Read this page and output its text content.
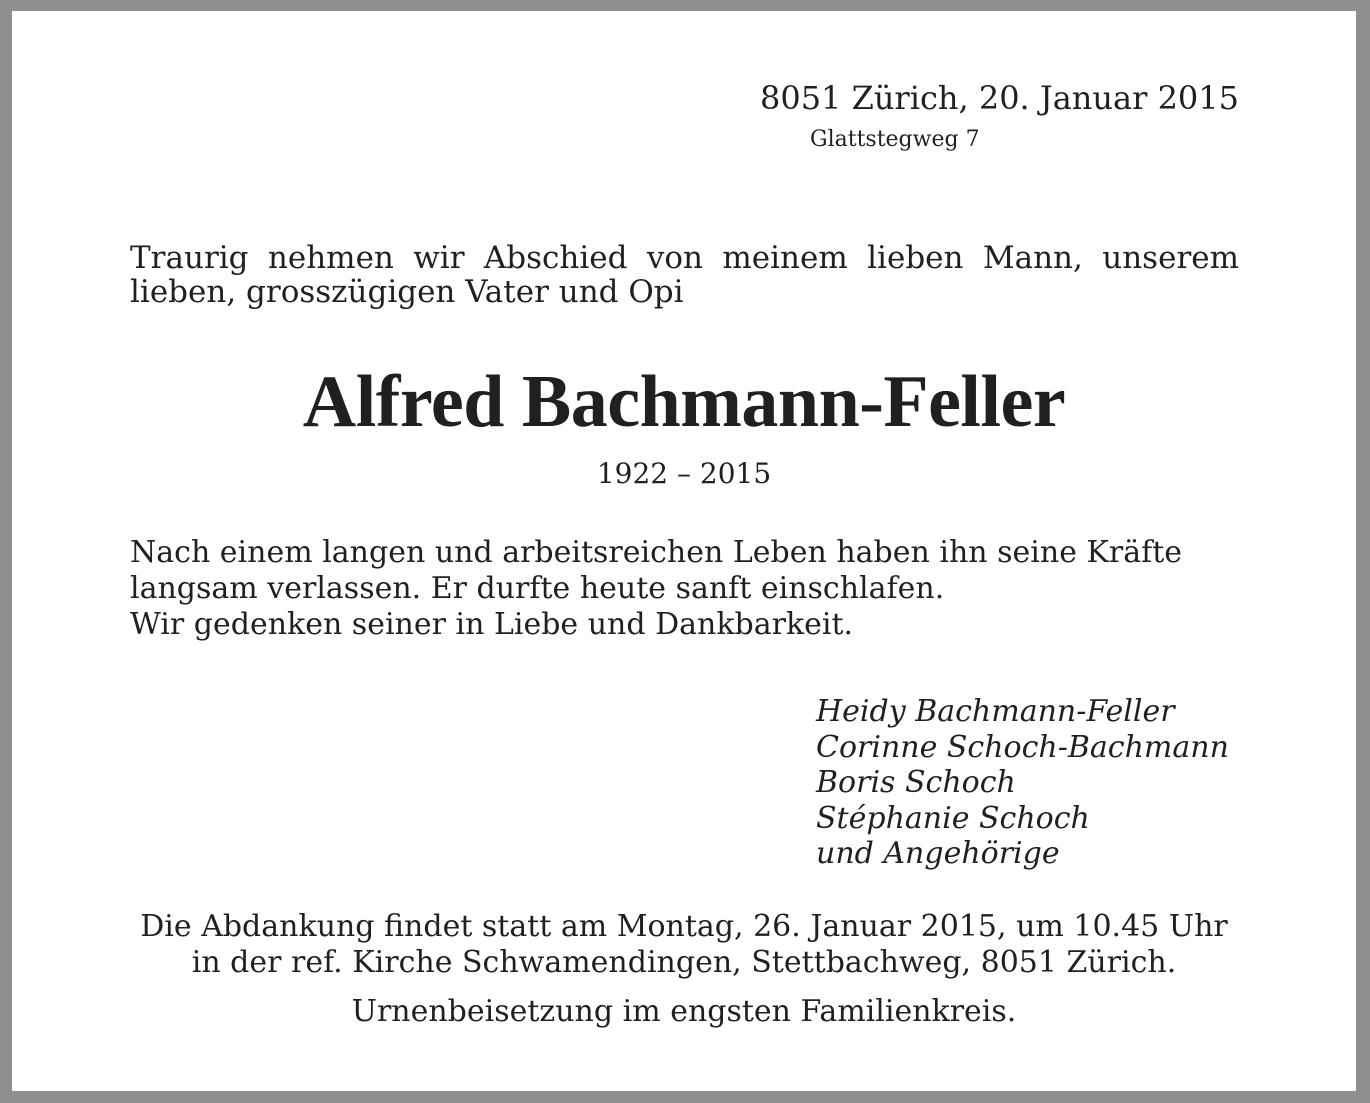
8051 Zürich, 20. Januar 2015

Glattstegweg 7

Traurig nehmen wir Abschied von meinem lieben Mann, unserem
lieben, grosszügigen Vater und Opi

Alfred Bachmann-Feller

1922 – 2015

Nach einem langen und arbeitsreichen Leben haben ihn seine Kräfte
langsam verlassen. Er durfte heute sanft einschlafen.
Wir gedenken seiner in Liebe und Dankbarkeit.

Heidy Bachmann-Feller
Corinne Schoch-Bachmann
Boris Schoch
Stéphanie Schoch
und Angehörige

Die Abdankung findet statt am Montag, 26. Januar 2015, um 10.45 Uhr
in der ref. Kirche Schwamendingen, Stettbachweg, 8051 Zürich.

Urnenbeisetzung im engsten Familienkreis.
